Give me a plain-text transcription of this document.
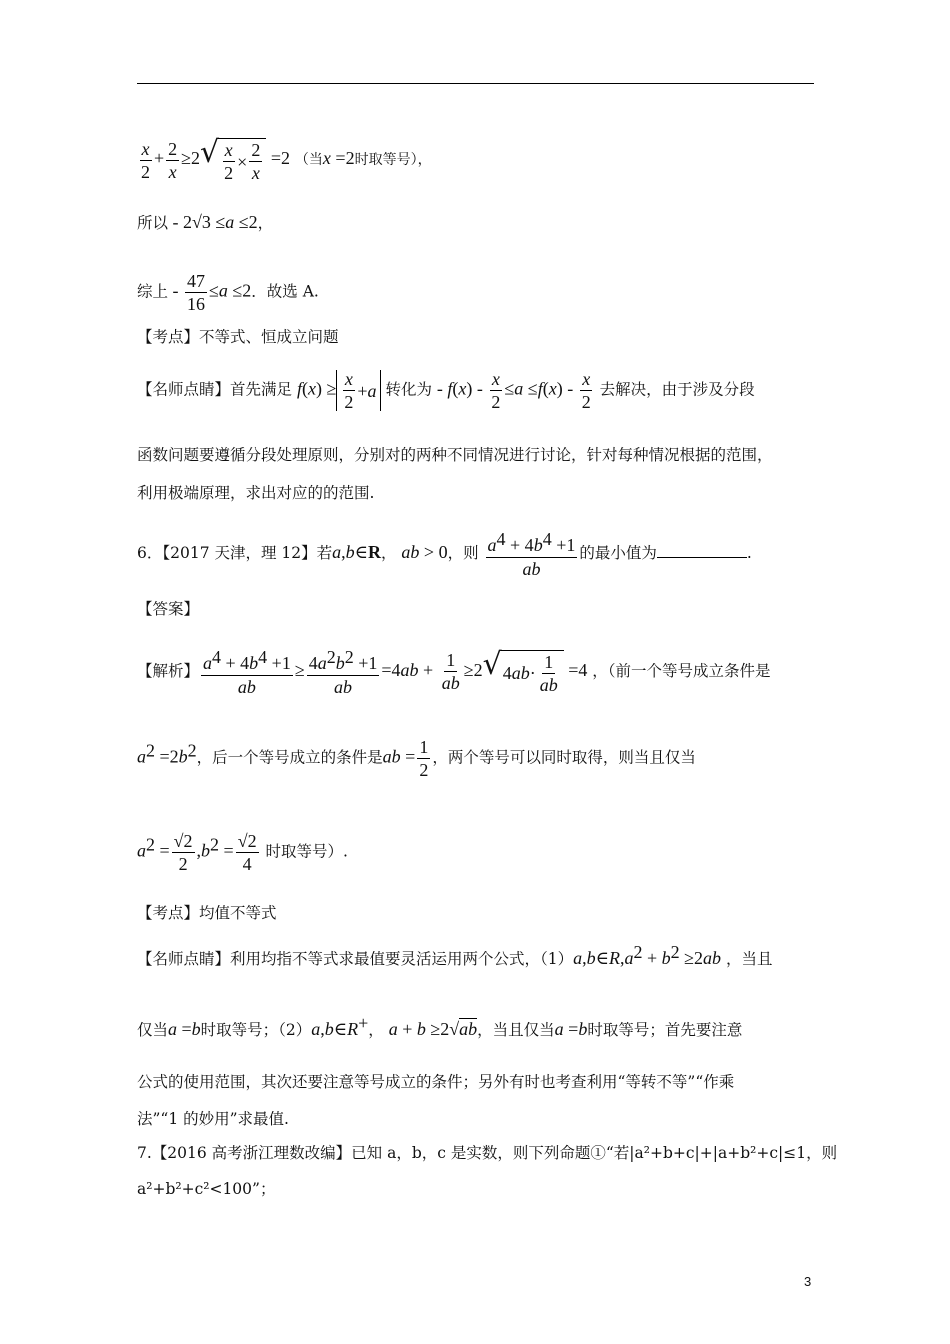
$\frac{x}{2} + \frac{2}{x} \ge 2$ √ $\frac{x}{2} \times \frac{2}{x} =2$ （当x =2时取等号），
所以 - 2√3 ≤a ≤2，
综上 - $\frac{47}{16} \le a \le 2$．故选 A.
【考点】不等式、恒成立问题
【名师点睛】首先满足 $f(x) \ge \frac{x}{2} + a$ 转化为 - $f(x) - \frac{x}{2} \le a \le f(x) - \frac{x}{2}$ 去解决，由于涉及分段
函数问题要遵循分段处理原则，分别对的两种不同情况进行讨论，针对每种情况根据的范围，
利用极端原理，求出对应的的范围.
6．【2017 天津，理 12】若a,b∈R， ab > 0，则 $\frac{a^4 + 4b^4 +1}{ab}$ 的最小值为	.
【答案】
【解析】 $\frac{a^4 + 4b^4 +1}{ab} \ge \frac{4a^2b^2 +1}{ab} =4ab + \frac{1}{ab} \ge 2$ √ 4 ab · $\frac{1}{ab} =4$ ，（前一个等号成立条件是
$a^2 =2b^2$，后一个等号成立的条件是ab = $\frac{1}{2}$ ，两个等号可以同时取得，则当且仅当
$a^2 = \frac{√2}{2} ,b^2 = \frac{√2}{4}$ 时取等号）.
【考点】均值不等式
【名师点睛】利用均指不等式求最值要灵活运用两个公式，$(1)a,b\in R,a^2 + b^2 \ge 2ab$ ，当且
仅当a =b时取等号；（2）a,b∈R+， a + b ≥2√ab，当且仅当a =b时取等号；首先要注意
公式的使用范围，其次还要注意等号成立的条件；另外有时也考查利用“等转不等”“作乘
法”“1 的妙用”求最值.
7.【2016 高考浙江理数改编】已知 a，b，c 是实数，则下列命题①“若|a²+b+c|+|a+b²+c|≤1，则
a²+b²+c²<100”；
3
